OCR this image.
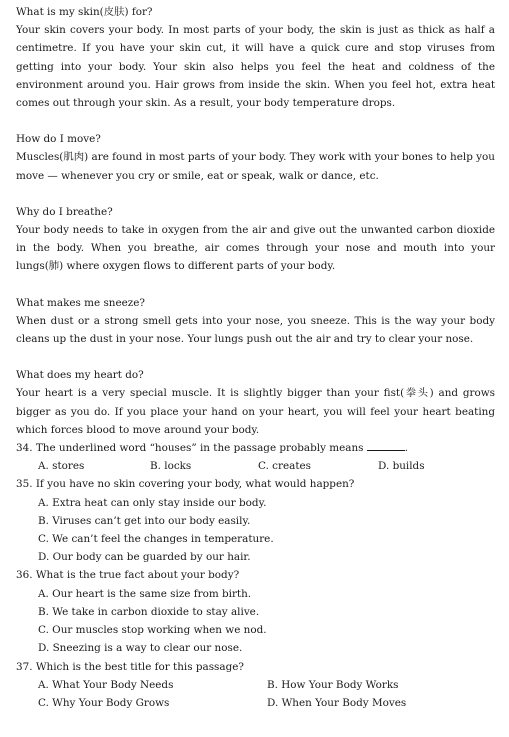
What is my skin(皮肤) for?

Your skin covers your body. In most parts of your body, the skin is just as thick as half a centimetre. If you have your skin cut, it will have a quick cure and stop viruses from getting into your body. Your skin also helps you feel the heat and coldness of the environment around you. Hair grows from inside the skin. When you feel hot, extra heat comes out through your skin. As a result, your body temperature drops.

How do I move?

Muscles(肌肉) are found in most parts of your body. They work with your bones to help you move — whenever you cry or smile, eat or speak, walk or dance, etc.

Why do I breathe?

Your body needs to take in oxygen from the air and give out the unwanted carbon dioxide in the body. When you breathe, air comes through your nose and mouth into your lungs(肺) where oxygen flows to different parts of your body.

What makes me sneeze?

When dust or a strong smell gets into your nose, you sneeze. This is the way your body cleans up the dust in your nose. Your lungs push out the air and try to clear your nose.

What does my heart do?

Your heart is a very special muscle. It is slightly bigger than your fist(拳头) and grows bigger as you do. If you place your hand on your heart, you will feel your heart beating which forces blood to move around your body.

34. The underlined word “houses” in the passage probably means	.

A. stores	B. locks	C. creates	D. builds

35. If you have no skin covering your body, what would happen?

A. Extra heat can only stay inside our body.
B. Viruses can’t get into our body easily.
C. We can’t feel the changes in temperature.
D. Our body can be guarded by our hair.

36. What is the true fact about your body?

A. Our heart is the same size from birth.
B. We take in carbon dioxide to stay alive.
C. Our muscles stop working when we nod.
D. Sneezing is a way to clear our nose.

37. Which is the best title for this passage?

A. What Your Body Needs	B. How Your Body Works
C. Why Your Body Grows	D. When Your Body Moves
